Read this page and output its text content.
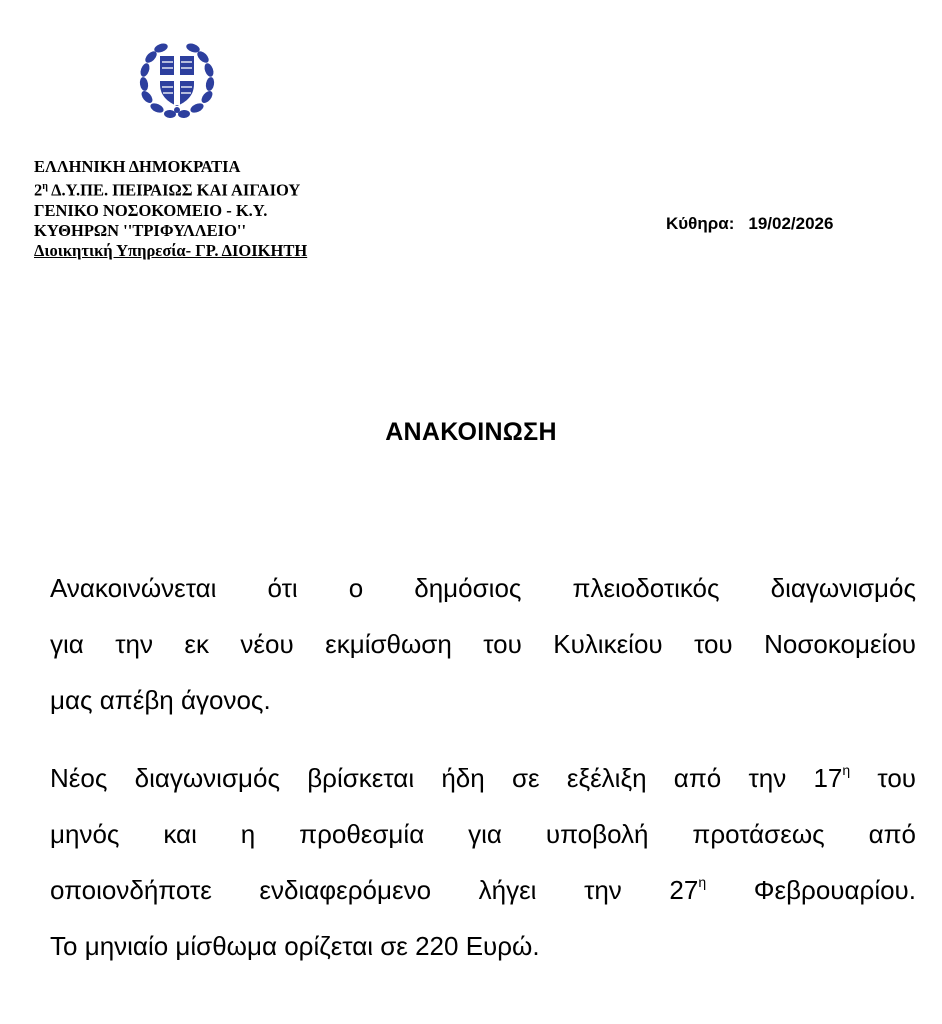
ΕΛΛΗΝΙΚΗ ΔΗΜΟΚΡΑΤΙΑ
$2^\eta$ Δ.Υ.ΠΕ. ΠΕΙΡΑΙΩΣ ΚΑΙ ΑΙΓΑΙΟΥ
ΓΕΝΙΚΟ ΝΟΣΟΚΟΜΕΙΟ - Κ.Υ.
ΚΥΘΗΡΩΝ ''ΤΡΙΦΥΛΛΕΙΟ''
Διοικητική Υπηρεσία- ΓΡ. ΔΙΟΙΚΗΤΗ
Κύθηρα: 19/02/2026
ΑΝΑΚΟΙΝΩΣΗ
Ανακοινώνεται ότι ο δημόσιος πλειοδοτικός διαγωνισμός
για την εκ νέου εκμίσθωση του Κυλικείου του Νοσοκομείου
μας απέβη άγονος.
Νέος διαγωνισμός βρίσκεται ήδη σε εξέλιξη από την $17^\eta$ του
μηνός και η προθεσμία για υποβολή προτάσεως από
οποιονδήποτε ενδιαφερόμενο λήγει την $27^\eta$ Φεβρουαρίου.
Το μηνιαίο μίσθωμα ορίζεται σε 220 Ευρώ.
